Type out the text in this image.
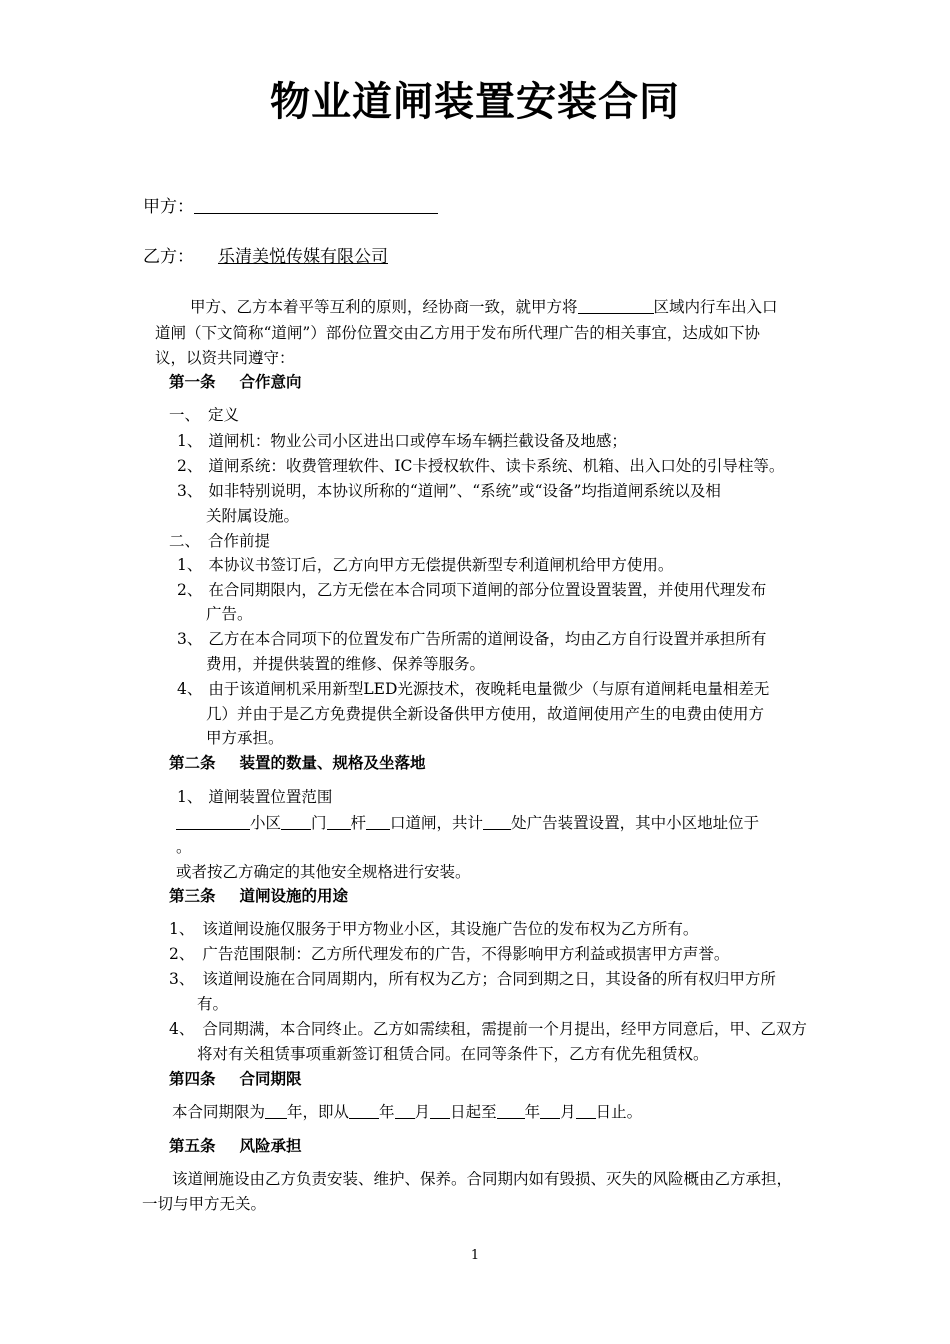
物业道闸装置安装合同
甲方：
乙方： 乐清美悦传媒有限公司
甲方、乙方本着平等互利的原则，经协商一致，就甲方将	区域内行车出入口
道闸（下文简称“道闸”）部份位置交由乙方用于发布所代理广告的相关事宜，达成如下协
议，以资共同遵守：
第一条 合作意向
一、 定义
1、 道闸机：物业公司小区进出口或停车场车辆拦截设备及地感；
2、 道闸系统：收费管理软件、IC卡授权软件、读卡系统、机箱、出入口处的引导柱等。
3、 如非特别说明，本协议所称的“道闸”、“系统”或“设备”均指道闸系统以及相
关附属设施。
二、 合作前提
1、 本协议书签订后，乙方向甲方无偿提供新型专利道闸机给甲方使用。
2、 在合同期限内，乙方无偿在本合同项下道闸的部分位置设置装置，并使用代理发布
广告。
3、 乙方在本合同项下的位置发布广告所需的道闸设备，均由乙方自行设置并承担所有
费用，并提供装置的维修、保养等服务。
4、 由于该道闸机采用新型LED光源技术，夜晚耗电量微少（与原有道闸耗电量相差无
几）并由于是乙方免费提供全新设备供甲方使用，故道闸使用产生的电费由使用方
甲方承担。
第二条 装置的数量、规格及坐落地
1、 道闸装置位置范围
小区 门 杆 口道闸，共计 处广告装置设置，其中小区地址位于
。
或者按乙方确定的其他安全规格进行安装。
第三条 道闸设施的用途
1、 该道闸设施仅服务于甲方物业小区，其设施广告位的发布权为乙方所有。
2、 广告范围限制：乙方所代理发布的广告，不得影响甲方利益或损害甲方声誉。
3、 该道闸设施在合同周期内，所有权为乙方；合同到期之日，其设备的所有权归甲方所
有。
4、 合同期满，本合同终止。乙方如需续租，需提前一个月提出，经甲方同意后，甲、乙双方
将对有关租赁事项重新签订租赁合同。在同等条件下，乙方有优先租赁权。
第四条 合同期限
本合同期限为 年，即从 年 月 日起至 年 月 日止。
第五条 风险承担
该道闸施设由乙方负责安装、维护、保养。合同期内如有毁损、灭失的风险概由乙方承担，
一切与甲方无关。
1
